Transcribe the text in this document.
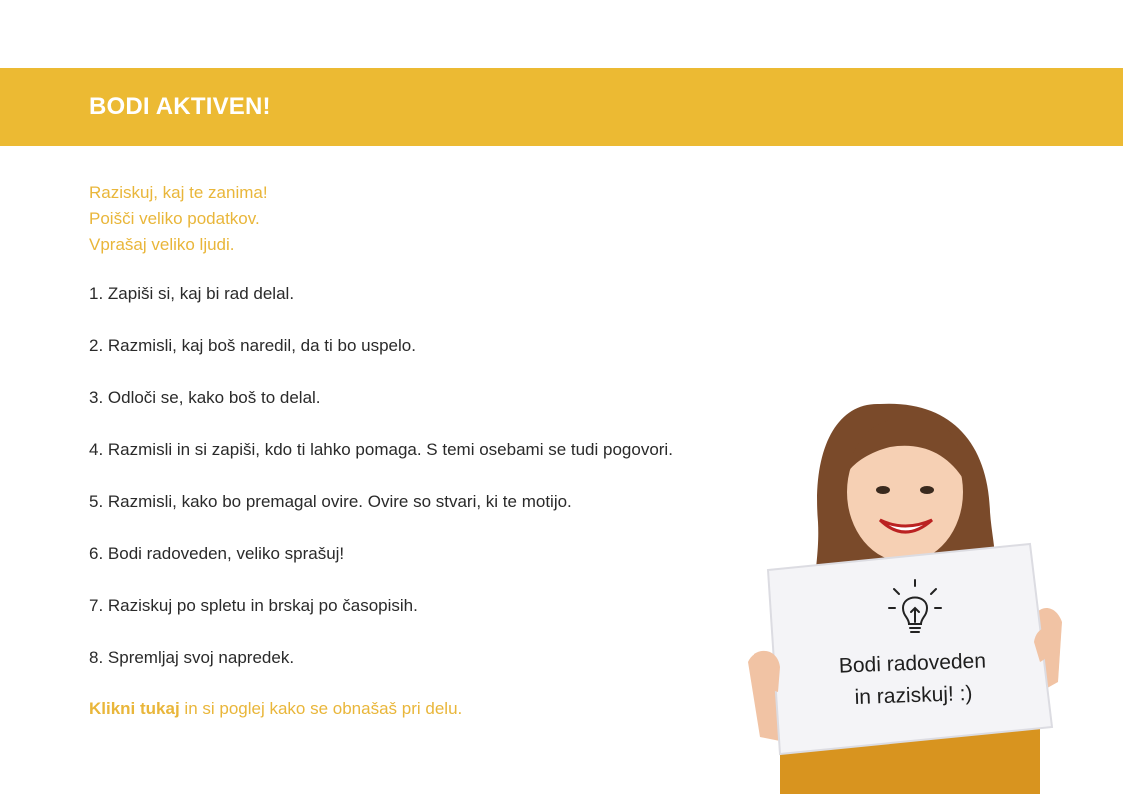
BODI AKTIVEN!

Raziskuj, kaj te zanima!

Poišči veliko podatkov.

Vprašaj veliko ljudi.

1. Zapiši si, kaj bi rad delal.
2. Razmisli, kaj boš naredil, da ti bo uspelo.
3. Odloči se, kako boš to delal.
4. Razmisli in si zapiši, kdo ti lahko pomaga. S temi osebami se tudi pogovori.
5. Razmisli, kako bo premagal ovire. Ovire so stvari, ki te motijo.
6. Bodi radoveden, veliko sprašuj!
7. Raziskuj po spletu in brskaj po časopisih.
8. Spremljaj svoj napredek.

Klikni tukaj in si poglej kako se obnašaš pri delu.

Bodi radoveden
in raziskuj! :)
